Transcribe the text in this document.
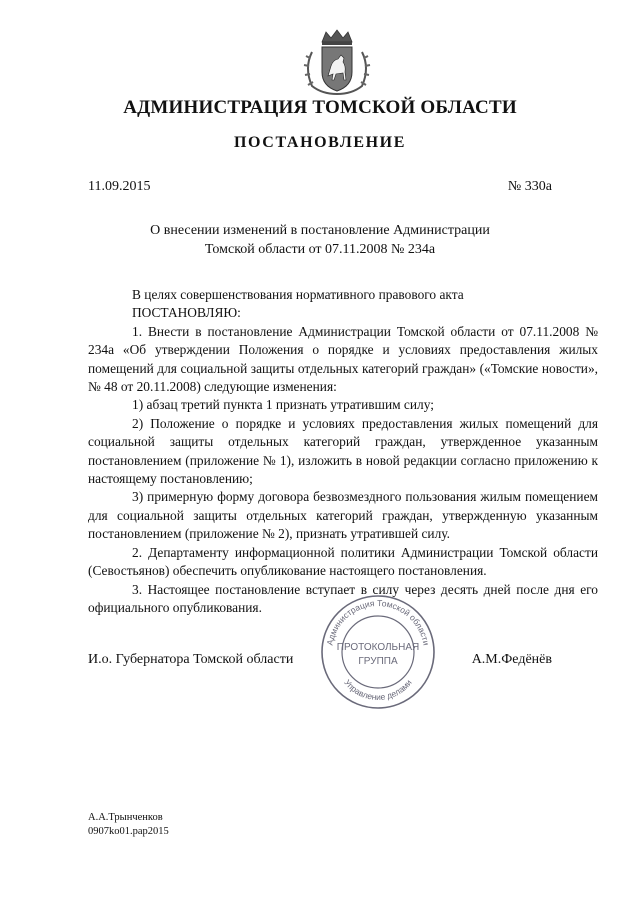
АДМИНИСТРАЦИЯ ТОМСКОЙ ОБЛАСТИ
ПОСТАНОВЛЕНИЕ
11.09.2015	№ 330а
О внесении изменений в постановление Администрации
Томской области от 07.11.2008 № 234а

В целях совершенствования нормативного правового акта

ПОСТАНОВЛЯЮ:

1. Внести в постановление Администрации Томской области от 07.11.2008 № 234а «Об утверждении Положения о порядке и условиях предоставления жилых помещений для социальной защиты отдельных категорий граждан» («Томские новости», № 48 от 20.11.2008) следующие изменения:

1) абзац третий пункта 1 признать утратившим силу;

2) Положение о порядке и условиях предоставления жилых помещений для социальной защиты отдельных категорий граждан, утвержденное указанным постановлением (приложение № 1), изложить в новой редакции согласно приложению к настоящему постановлению;

3) примерную форму договора безвозмездного пользования жилым помещением для социальной защиты отдельных категорий граждан, утвержденную указанным постановлением (приложение № 2), признать утратившей силу.

2. Департаменту информационной политики Администрации Томской области (Севостьянов) обеспечить опубликование настоящего постановления.

3. Настоящее постановление вступает в силу через десять дней после дня его официального опубликования.

И.о. Губернатора Томской области	А.М.Федёнёв
Администрация Томской области
Управление делами
ПРОТОКОЛЬНАЯ
ГРУППА
А.А.Трынченков
0907ko01.рар2015
